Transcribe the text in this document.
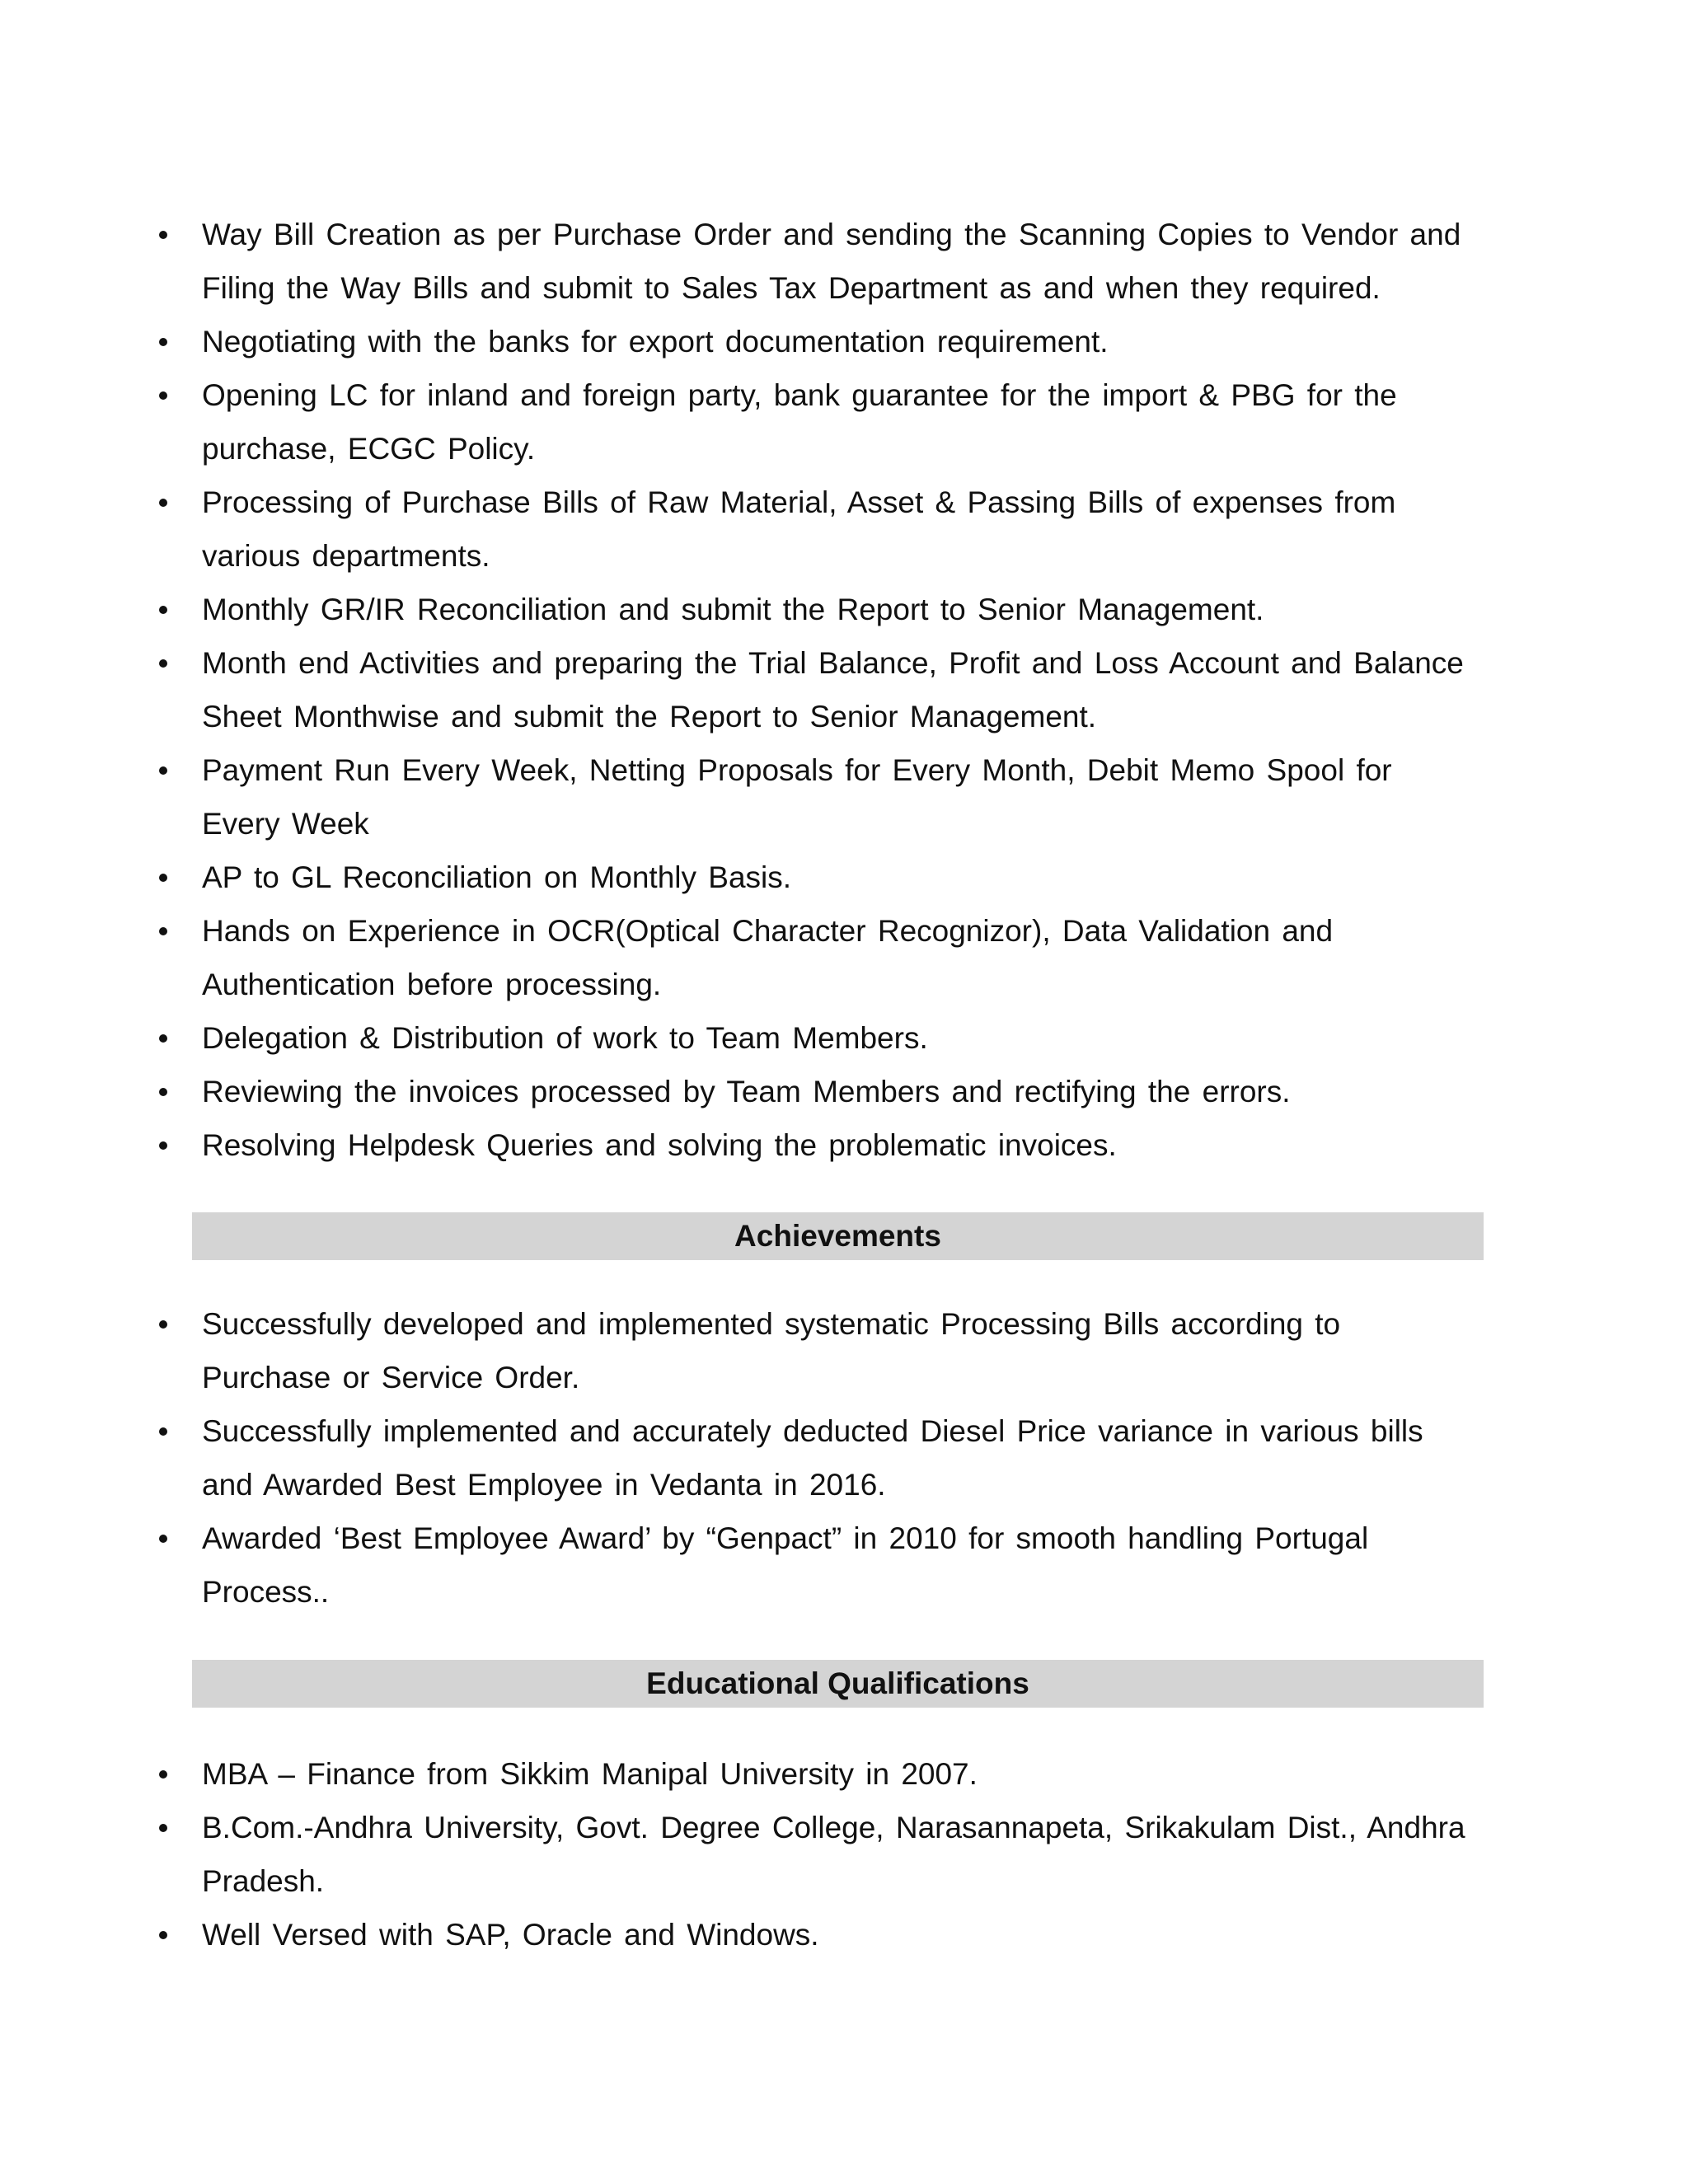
Way Bill Creation as per Purchase Order and sending the Scanning Copies to Vendor and Filing the Way Bills and submit to Sales Tax Department as and when they required.
Negotiating with the banks for export documentation requirement.
Opening LC for inland and foreign party, bank guarantee for the import & PBG for the purchase, ECGC Policy.
Processing of Purchase Bills of Raw Material, Asset & Passing Bills of expenses from various departments.
Monthly GR/IR Reconciliation and submit the Report to Senior Management.
Month end Activities and preparing the Trial Balance, Profit and Loss Account and Balance Sheet Monthwise and submit the Report to Senior Management.
Payment Run Every Week, Netting Proposals for Every Month, Debit Memo Spool for Every Week
AP to GL Reconciliation on Monthly Basis.
Hands on Experience in OCR(Optical Character Recognizor), Data Validation and Authentication before processing.
Delegation & Distribution of work to Team Members.
Reviewing the invoices processed by Team Members and rectifying the errors.
Resolving Helpdesk Queries and solving the problematic invoices.
Achievements
Successfully developed and implemented systematic Processing Bills according to Purchase or Service Order.
Successfully implemented and accurately deducted Diesel Price variance in various bills and Awarded Best Employee in Vedanta in 2016.
Awarded ‘Best Employee Award’ by “Genpact” in 2010 for smooth handling Portugal Process..
Educational Qualifications
MBA – Finance from Sikkim Manipal University in 2007.
B.Com.-Andhra University, Govt. Degree College, Narasannapeta, Srikakulam Dist., Andhra Pradesh.
Well Versed with SAP, Oracle and Windows.
